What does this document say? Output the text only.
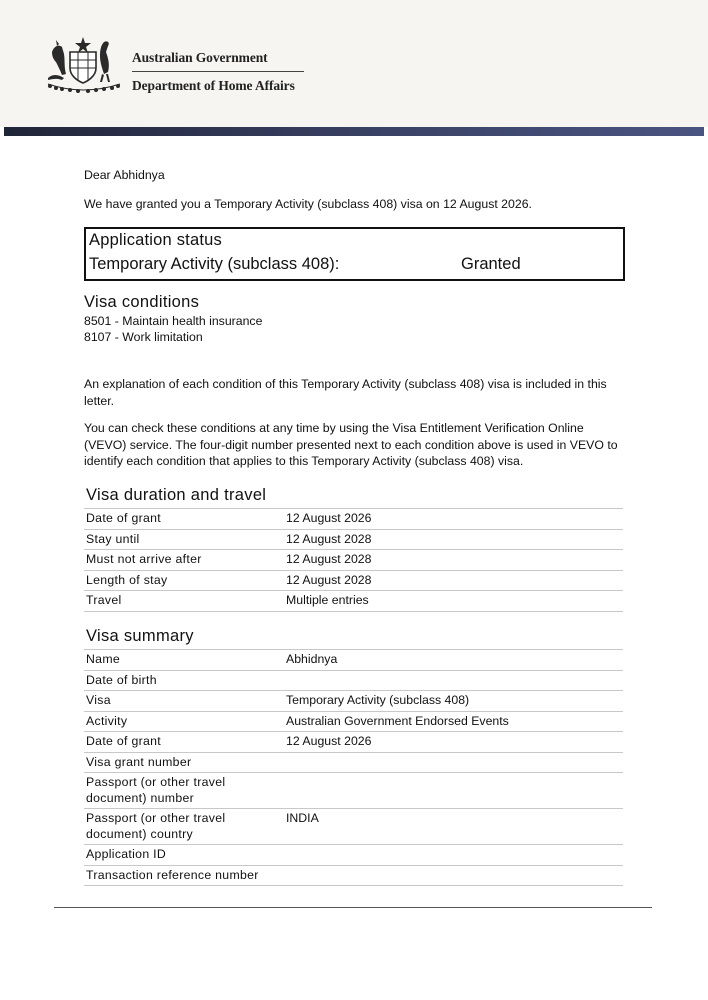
Australian Government
Department of Home Affairs
Dear Abhidnya
We have granted you a Temporary Activity (subclass 408) visa on 12 August 2026.
Application status
Temporary Activity (subclass 408):	Granted
Visa conditions
8501 - Maintain health insurance
8107 - Work limitation
An explanation of each condition of this Temporary Activity (subclass 408) visa is included in this letter.
You can check these conditions at any time by using the Visa Entitlement Verification Online (VEVO) service. The four-digit number presented next to each condition above is used in VEVO to identify each condition that applies to this Temporary Activity (subclass 408) visa.
Visa duration and travel
Date of grant	12 August 2026
Stay until	12 August 2028
Must not arrive after	12 August 2028
Length of stay	12 August 2028
Travel	Multiple entries
Visa summary
Name	Abhidnya
Date of birth	
Visa	Temporary Activity (subclass 408)
Activity	Australian Government Endorsed Events
Date of grant	12 August 2026
Visa grant number	
Passport (or other travel document) number	
Passport (or other travel document) country	INDIA
Application ID	
Transaction reference number	
